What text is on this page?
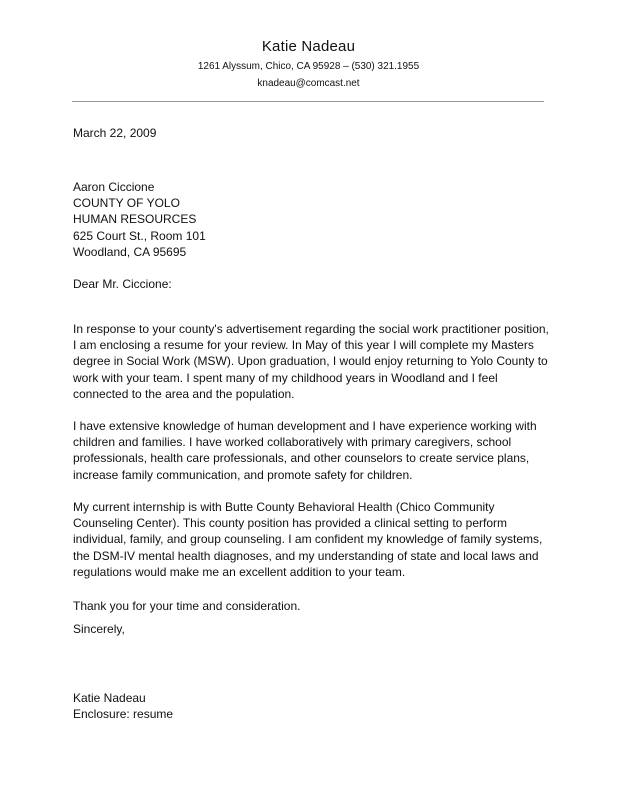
Katie Nadeau
1261 Alyssum, Chico, CA 95928 – (530) 321.1955
knadeau@comcast.net
March 22, 2009
Aaron Ciccione
COUNTY OF YOLO
HUMAN RESOURCES
625 Court St., Room 101
Woodland, CA 95695
Dear Mr. Ciccione:

In response to your county's advertisement regarding the social work practitioner position, I am enclosing a resume for your review. In May of this year I will complete my Masters degree in Social Work (MSW). Upon graduation, I would enjoy returning to Yolo County to work with your team. I spent many of my childhood years in Woodland and I feel connected to the area and the population.

I have extensive knowledge of human development and I have experience working with children and families. I have worked collaboratively with primary caregivers, school professionals, health care professionals, and other counselors to create service plans, increase family communication, and promote safety for children.

My current internship is with Butte County Behavioral Health (Chico Community Counseling Center). This county position has provided a clinical setting to perform individual, family, and group counseling. I am confident my knowledge of family systems, the DSM-IV mental health diagnoses, and my understanding of state and local laws and regulations would make me an excellent addition to your team.

Thank you for your time and consideration.

Sincerely,
Katie Nadeau
Enclosure: resume
